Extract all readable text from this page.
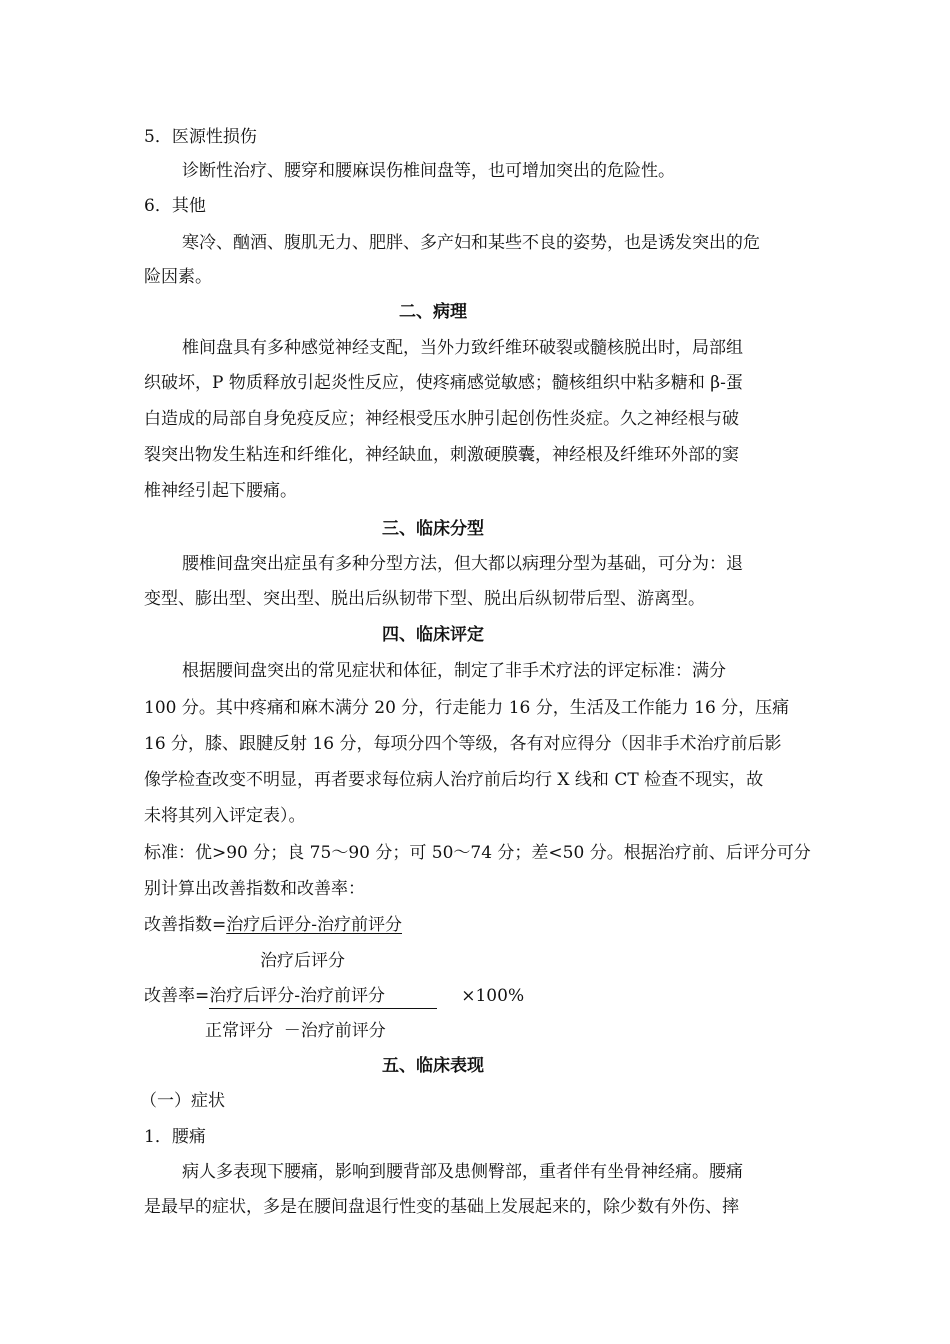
5．医源性损伤
诊断性治疗、腰穿和腰麻误伤椎间盘等，也可增加突出的危险性。
6．其他
寒冷、酗酒、腹肌无力、肥胖、多产妇和某些不良的姿势，也是诱发突出的危
险因素。
二、病理
椎间盘具有多种感觉神经支配，当外力致纤维环破裂或髓核脱出时，局部组
织破坏，P 物质释放引起炎性反应，使疼痛感觉敏感；髓核组织中粘多糖和 β-蛋
白造成的局部自身免疫反应；神经根受压水肿引起创伤性炎症。久之神经根与破
裂突出物发生粘连和纤维化，神经缺血，刺激硬膜囊，神经根及纤维环外部的窦
椎神经引起下腰痛。
三、临床分型
腰椎间盘突出症虽有多种分型方法，但大都以病理分型为基础，可分为：退
变型、膨出型、突出型、脱出后纵韧带下型、脱出后纵韧带后型、游离型。
四、临床评定
根据腰间盘突出的常见症状和体征，制定了非手术疗法的评定标准：满分
100 分。其中疼痛和麻木满分 20 分，行走能力 16 分，生活及工作能力 16 分，压痛
16 分，膝、跟腱反射 16 分，每项分四个等级，各有对应得分（因非手术治疗前后影
像学检查改变不明显，再者要求每位病人治疗前后均行 X 线和 CT 检查不现实，故
未将其列入评定表）。
标准：优>90 分；良 75～90 分；可 50～74 分；差<50 分。根据治疗前、后评分可分
别计算出改善指数和改善率：
改善指数=治疗后评分-治疗前评分
治疗后评分
改善率=治疗后评分-治疗前评分	×100%
正常评分  －治疗前评分
五、临床表现
（一）症状
1．腰痛
病人多表现下腰痛，影响到腰背部及患侧臀部，重者伴有坐骨神经痛。腰痛
是最早的症状，多是在腰间盘退行性变的基础上发展起来的，除少数有外伤、摔
